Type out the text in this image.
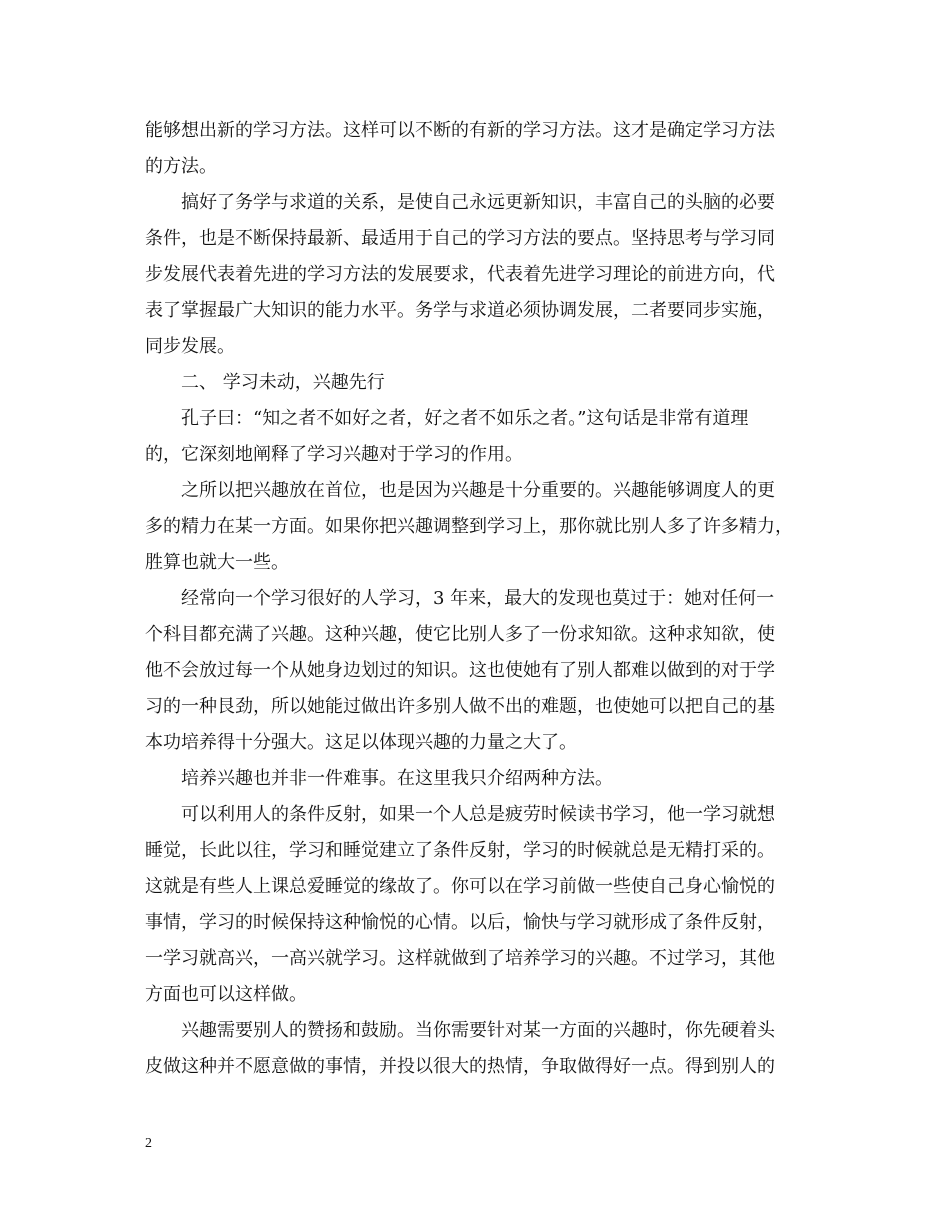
能够想出新的学习方法。这样可以不断的有新的学习方法。这才是确定学习方法
的方法。
搞好了务学与求道的关系，是使自己永远更新知识，丰富自己的头脑的必要
条件，也是不断保持最新、最适用于自己的学习方法的要点。坚持思考与学习同
步发展代表着先进的学习方法的发展要求，代表着先进学习理论的前进方向，代
表了掌握最广大知识的能力水平。务学与求道必须协调发展，二者要同步实施，
同步发展。
二、 学习未动，兴趣先行
孔子曰：“知之者不如好之者，好之者不如乐之者。”这句话是非常有道理
的，它深刻地阐释了学习兴趣对于学习的作用。
之所以把兴趣放在首位，也是因为兴趣是十分重要的。兴趣能够调度人的更
多的精力在某一方面。如果你把兴趣调整到学习上，那你就比别人多了许多精力，
胜算也就大一些。
经常向一个学习很好的人学习，3 年来，最大的发现也莫过于：她对任何一
个科目都充满了兴趣。这种兴趣，使它比别人多了一份求知欲。这种求知欲，使
他不会放过每一个从她身边划过的知识。这也使她有了别人都难以做到的对于学
习的一种艮劲，所以她能过做出许多别人做不出的难题，也使她可以把自己的基
本功培养得十分强大。这足以体现兴趣的力量之大了。
培养兴趣也并非一件难事。在这里我只介绍两种方法。
可以利用人的条件反射，如果一个人总是疲劳时候读书学习，他一学习就想
睡觉，长此以往，学习和睡觉建立了条件反射，学习的时候就总是无精打采的。
这就是有些人上课总爱睡觉的缘故了。你可以在学习前做一些使自己身心愉悦的
事情，学习的时候保持这种愉悦的心情。以后，愉快与学习就形成了条件反射，
一学习就高兴，一高兴就学习。这样就做到了培养学习的兴趣。不过学习，其他
方面也可以这样做。
兴趣需要别人的赞扬和鼓励。当你需要针对某一方面的兴趣时，你先硬着头
皮做这种并不愿意做的事情，并投以很大的热情，争取做得好一点。得到别人的
2
